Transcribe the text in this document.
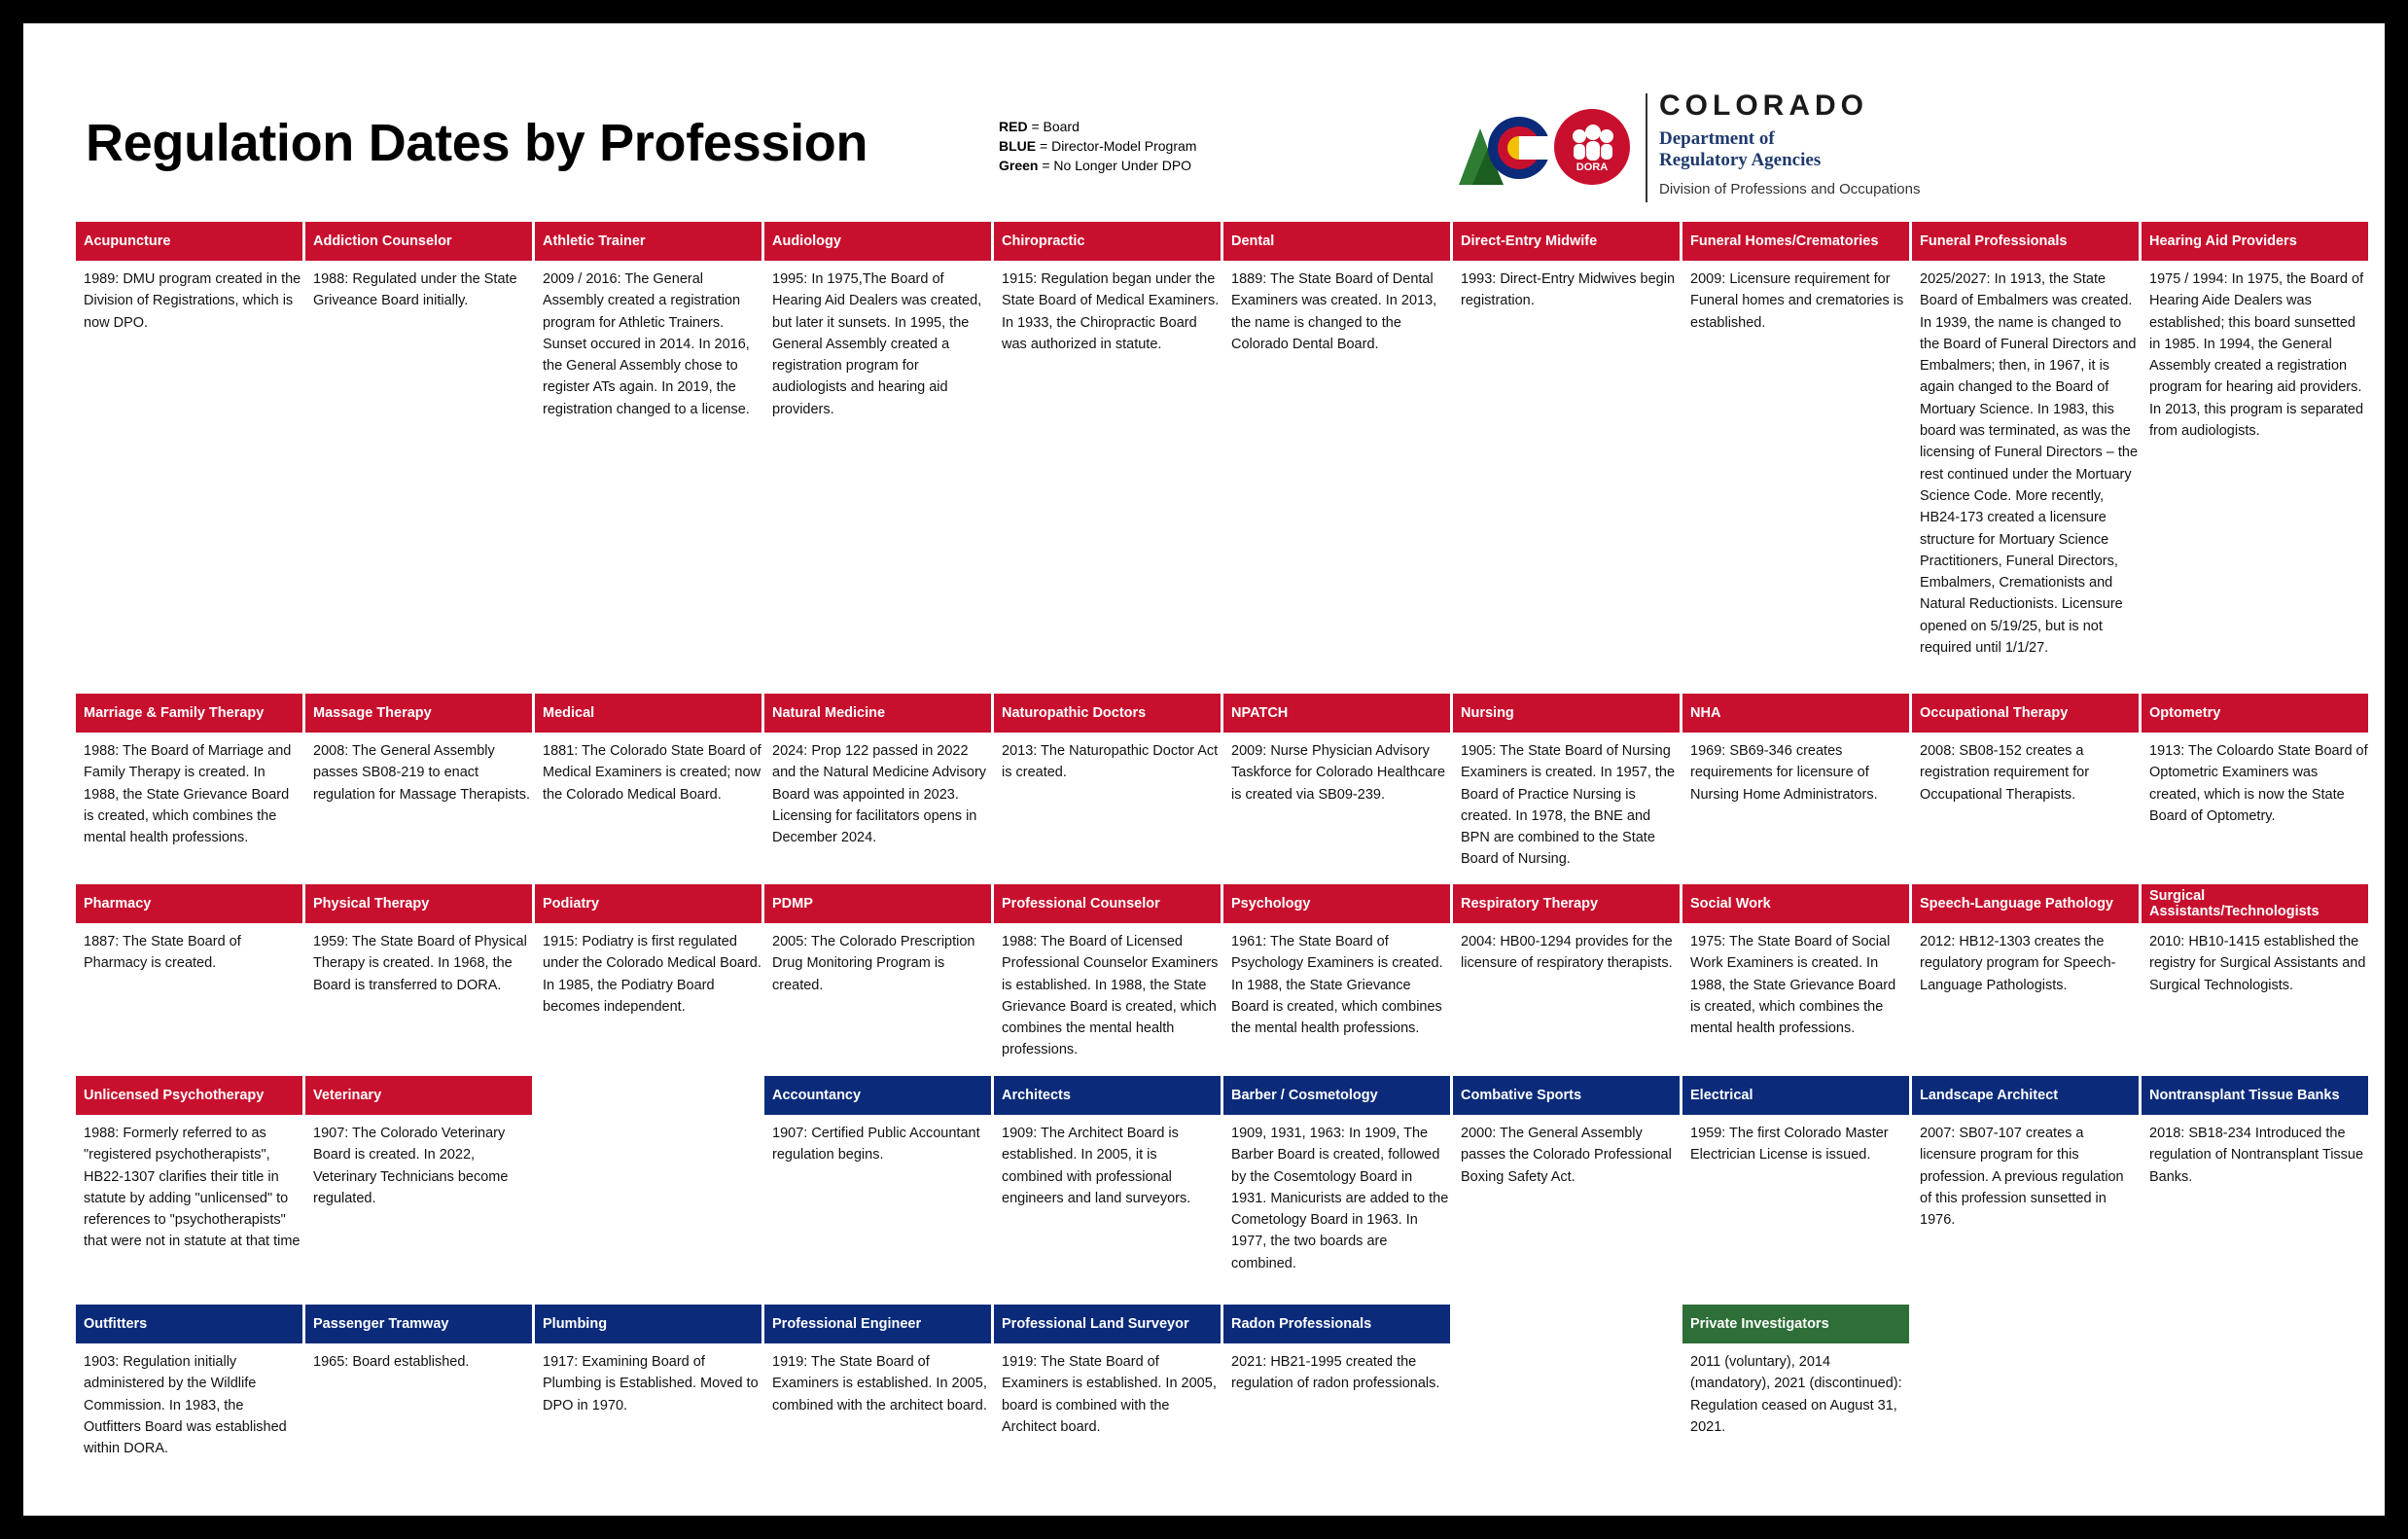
Regulation Dates by Profession	RED = Board
BLUE = Director-Model Program
Green = No Longer Under DPO	DORA
COLORADO
Department of
Regulatory Agencies
Division of Professions and Occupations
Acupuncture
1989: DMU program created in the Division of Registrations, which is now DPO.
Addiction Counselor
1988: Regulated under the State Griveance Board initially.
Athletic Trainer
2009 / 2016: The General Assembly created a registration program for Athletic Trainers. Sunset occured in 2014. In 2016, the General Assembly chose to register ATs again. In 2019, the registration changed to a license.
Audiology
1995: In 1975,The Board of Hearing Aid Dealers was created, but later it sunsets. In 1995, the General Assembly created a registration program for audiologists and hearing aid providers.
Chiropractic
1915: Regulation began under the State Board of Medical Examiners. In 1933, the Chiropractic Board was authorized in statute.
Dental
1889: The State Board of Dental Examiners was created. In 2013, the name is changed to the Colorado Dental Board.
Direct-Entry Midwife
1993: Direct-Entry Midwives begin registration.
Funeral Homes/Crematories
2009: Licensure requirement for Funeral homes and crematories is established.
Funeral Professionals
2025/2027: In 1913, the State Board of Embalmers was created. In 1939, the name is changed to the Board of Funeral Directors and Embalmers; then, in 1967, it is again changed to the Board of Mortuary Science. In 1983, this board was terminated, as was the licensing of Funeral Directors – the rest continued under the Mortuary Science Code. More recently, HB24-173 created a licensure structure for Mortuary Science Practitioners, Funeral Directors, Embalmers, Cremationists and Natural Reductionists. Licensure opened on 5/19/25, but is not required until 1/1/27.
Hearing Aid Providers
1975 / 1994: In 1975, the Board of Hearing Aide Dealers was established; this board sunsetted in 1985. In 1994, the General Assembly created a registration program for hearing aid providers. In 2013, this program is separated from audiologists.
Marriage & Family Therapy
1988: The Board of Marriage and Family Therapy is created. In 1988, the State Grievance Board is created, which combines the mental health professions.
Massage Therapy
2008: The General Assembly passes SB08-219 to enact regulation for Massage Therapists.
Medical
1881: The Colorado State Board of Medical Examiners is created; now the Colorado Medical Board.
Natural Medicine
2024: Prop 122 passed in 2022 and the Natural Medicine Advisory Board was appointed in 2023. Licensing for facilitators opens in December 2024.
Naturopathic Doctors
2013: The Naturopathic Doctor Act is created.
NPATCH
2009: Nurse Physician Advisory Taskforce for Colorado Healthcare is created via SB09-239.
Nursing
1905: The State Board of Nursing Examiners is created. In 1957, the Board of Practice Nursing is created. In 1978, the BNE and BPN are combined to the State Board of Nursing.
NHA
1969: SB69-346 creates requirements for licensure of Nursing Home Administrators.
Occupational Therapy
2008: SB08-152 creates a registration requirement for Occupational Therapists.
Optometry
1913: The Coloardo State Board of Optometric Examiners was created, which is now the State Board of Optometry.
Pharmacy
1887: The State Board of Pharmacy is created.
Physical Therapy
1959: The State Board of Physical Therapy is created. In 1968, the Board is transferred to DORA.
Podiatry
1915: Podiatry is first regulated under the Colorado Medical Board. In 1985, the Podiatry Board becomes independent.
PDMP
2005: The Colorado Prescription Drug Monitoring Program is created.
Professional Counselor
1988: The Board of Licensed Professional Counselor Examiners is established. In 1988, the State Grievance Board is created, which combines the mental health professions.
Psychology
1961: The State Board of Psychology Examiners is created. In 1988, the State Grievance Board is created, which combines the mental health professions.
Respiratory Therapy
2004: HB00-1294 provides for the licensure of respiratory therapists.
Social Work
1975: The State Board of Social Work Examiners is created. In 1988, the State Grievance Board is created, which combines the mental health professions.
Speech-Language Pathology
2012: HB12-1303 creates the regulatory program for Speech-Language Pathologists.
Surgical Assistants/Technologists
2010: HB10-1415 established the registry for Surgical Assistants and Surgical Technologists.
Unlicensed Psychotherapy
1988: Formerly referred to as "registered psychotherapists", HB22-1307 clarifies their title in statute by adding "unlicensed" to references to "psychotherapists" that were not in statute at that time
Veterinary
1907: The Colorado Veterinary Board is created. In 2022, Veterinary Technicians become regulated.
Accountancy
1907: Certified Public Accountant regulation begins.
Architects
1909: The Architect Board is established. In 2005, it is combined with professional engineers and land surveyors.
Barber / Cosmetology
1909, 1931, 1963: In 1909, The Barber Board is created, followed by the Cosemtology Board in 1931. Manicurists are added to the Cometology Board in 1963. In 1977, the two boards are combined.
Combative Sports
2000: The General Assembly passes the Colorado Professional Boxing Safety Act.
Electrical
1959: The first Colorado Master Electrician License is issued.
Landscape Architect
2007: SB07-107 creates a licensure program for this profession. A previous regulation of this profession sunsetted in 1976.
Nontransplant Tissue Banks
2018: SB18-234 Introduced the regulation of Nontransplant Tissue Banks.
Outfitters
1903: Regulation initially administered by the Wildlife Commission. In 1983, the Outfitters Board was established within DORA.
Passenger Tramway
1965: Board established.
Plumbing
1917: Examining Board of Plumbing is Established. Moved to DPO in 1970.
Professional Engineer
1919: The State Board of Examiners is established. In 2005, combined with the architect board.
Professional Land Surveyor
1919: The State Board of Examiners is established. In 2005, board is combined with the Architect board.
Radon Professionals
2021: HB21-1995 created the regulation of radon professionals.
Private Investigators
2011 (voluntary), 2014 (mandatory), 2021 (discontinued): Regulation ceased on August 31, 2021.
